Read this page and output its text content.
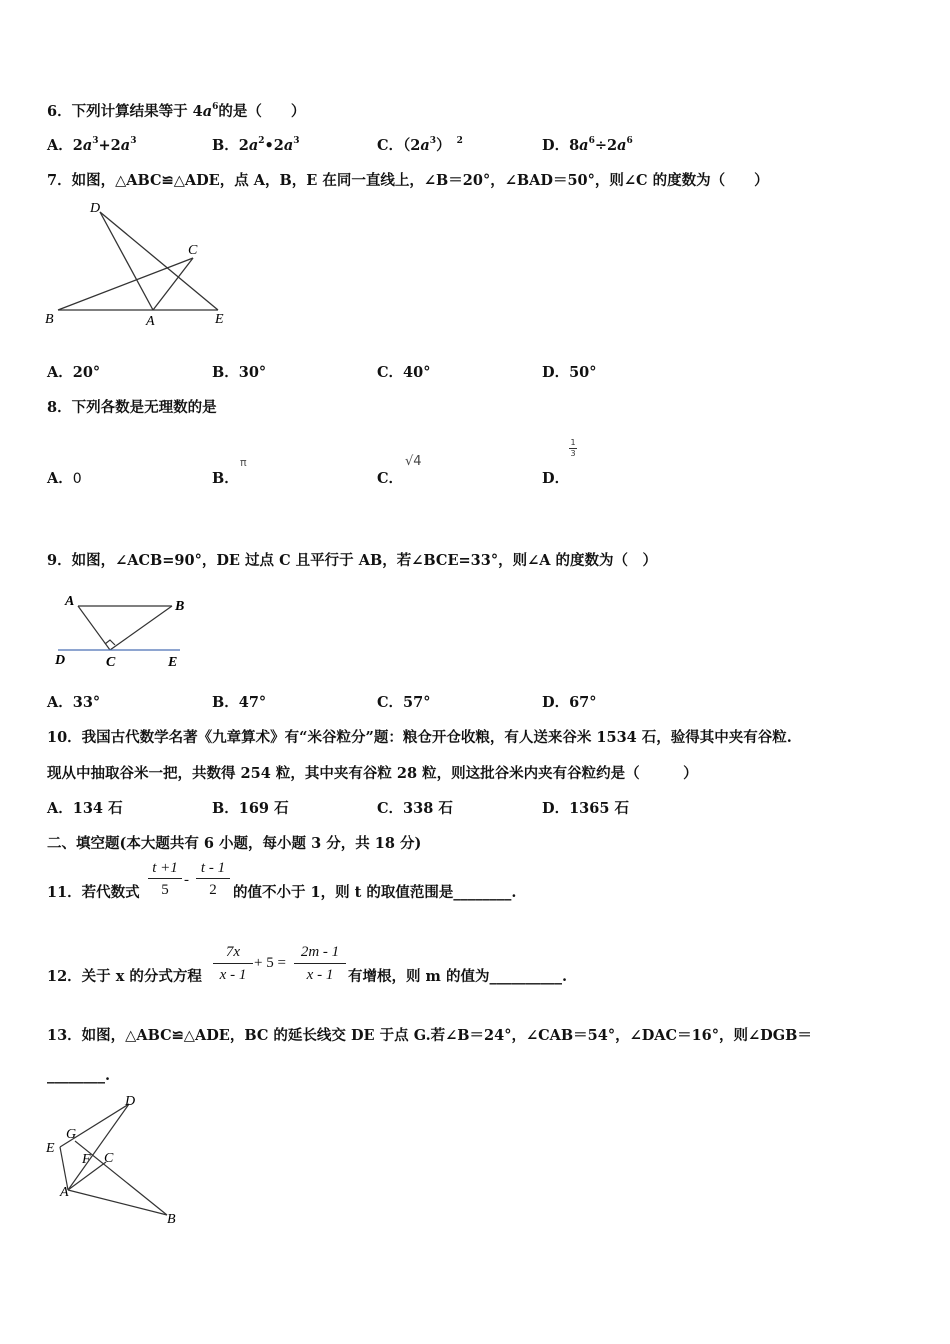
6．下列计算结果等于 $4a^6$的是（　　）
A．$2a^3+2a^3$	B．$2a^2•2a^3$	C．$(2a^3)$ $^2$	D．$8a^6\div 2a^6$
7．如图，△ABC≌△ADE，点 A，B，E 在同一直线上，∠B＝20°，∠BAD＝50°，则∠C 的度数为（　　）
D
C
B	A	E
A．20°	B．30°	C．40°	D．50°
8．下列各数是无理数的是
A．0	B．
π
C．
√4
D．
$\frac{1}{3}$
9．如图，∠ACB=90°，DE 过点 C 且平行于 AB，若∠BCE=33°，则∠A 的度数为（　）
A	B
D	C	E
A．33°	B．47°	C．57°	D．67°
10．我国古代数学名著《九章算术》有“米谷粒分”题：粮仓开仓收粮，有人送来谷米 1534 石，验得其中夹有谷粒.
现从中抽取谷米一把，共数得 254 粒，其中夹有谷粒 28 粒，则这批谷米内夹有谷粒约是（　　　）
A．134 石	B．169 石	C．338 石	D．1365 石
二、填空题(本大题共有 6 小题，每小题 3 分，共 18 分)
11．若代数式 $\frac{t +1}{5} - \frac{t - 1}{2}$ 的值不小于 1，则 t 的取值范围是________.
12．关于 x 的分式方程 $\frac{7x}{x - 1} + 5 = \frac{2m - 1}{x - 1}$ 有增根，则 m 的值为__________.
13．如图，△ABC≌△ADE，BC 的延长线交 DE 于点 G.若∠B＝24°，∠CAB＝54°，∠DAC＝16°，则∠DGB＝
________.
D
G
E
F C
A
B
